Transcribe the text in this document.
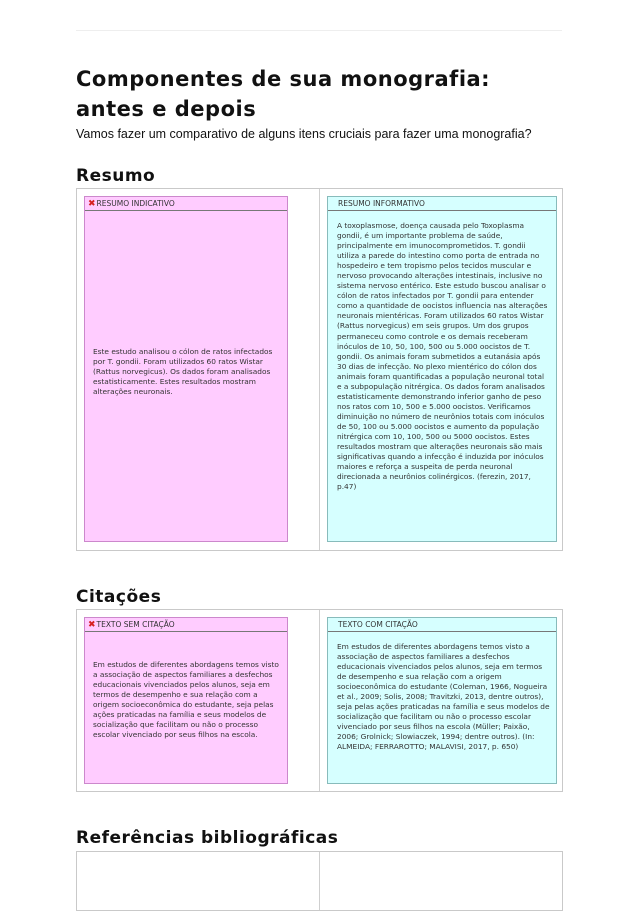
Componentes de sua monografia: antes e depois

Vamos fazer um comparativo de alguns itens cruciais para fazer uma monografia?

Resumo
✖RESUMO INDICATIVO
Este estudo analisou o cólon de ratos infectados por T. gondii. Foram utilizados 60 ratos Wistar (Rattus norvegicus). Os dados foram analisados estatisticamente. Estes resultados mostram alterações neuronais.
RESUMO INFORMATIVO
A toxoplasmose, doença causada pelo Toxoplasma gondii, é um importante problema de saúde, principalmente em imunocomprometidos. T. gondii utiliza a parede do intestino como porta de entrada no hospedeiro e tem tropismo pelos tecidos muscular e nervoso provocando alterações intestinais, inclusive no sistema nervoso entérico. Este estudo buscou analisar o cólon de ratos infectados por T. gondii para entender como a quantidade de oocistos influencia nas alterações neuronais mientéricas. Foram utilizados 60 ratos Wistar (Rattus norvegicus) em seis grupos. Um dos grupos permaneceu como controle e os demais receberam inóculos de 10, 50, 100, 500 ou 5.000 oocistos de T. gondii. Os animais foram submetidos a eutanásia após 30 dias de infecção. No plexo mientérico do cólon dos animais foram quantificadas a população neuronal total e a subpopulação nitrérgica. Os dados foram analisados estatisticamente demonstrando inferior ganho de peso nos ratos com 10, 500 e 5.000 oocistos. Verificamos diminuição no número de neurônios totais com inóculos de 50, 100 ou 5.000 oocistos e aumento da população nitrérgica com 10, 100, 500 ou 5000 oocistos. Estes resultados mostram que alterações neuronais são mais significativas quando a infecção é induzida por inóculos maiores e reforça a suspeita de perda neuronal direcionada a neurônios colinérgicos. (ferezin, 2017, p.47)
Citações
✖TEXTO SEM CITAÇÃO
Em estudos de diferentes abordagens temos visto a associação de aspectos familiares a desfechos educacionais vivenciados pelos alunos, seja em termos de desempenho e sua relação com a origem socioeconômica do estudante, seja pelas ações praticadas na família e seus modelos de socialização que facilitam ou não o processo escolar vivenciado por seus filhos na escola.
TEXTO COM CITAÇÃO
Em estudos de diferentes abordagens temos visto a associação de aspectos familiares a desfechos educacionais vivenciados pelos alunos, seja em termos de desempenho e sua relação com a origem socioeconômica do estudante (Coleman, 1966, Nogueira et al., 2009; Solis, 2008; Travitzki, 2013, dentre outros), seja pelas ações praticadas na família e seus modelos de socialização que facilitam ou não o processo escolar vivenciado por seus filhos na escola (Müller; Paixão, 2006; Grolnick; Slowiaczek, 1994; dentre outros). (In: ALMEIDA; FERRAROTTO; MALAVISI, 2017, p. 650)
Referências bibliográficas
